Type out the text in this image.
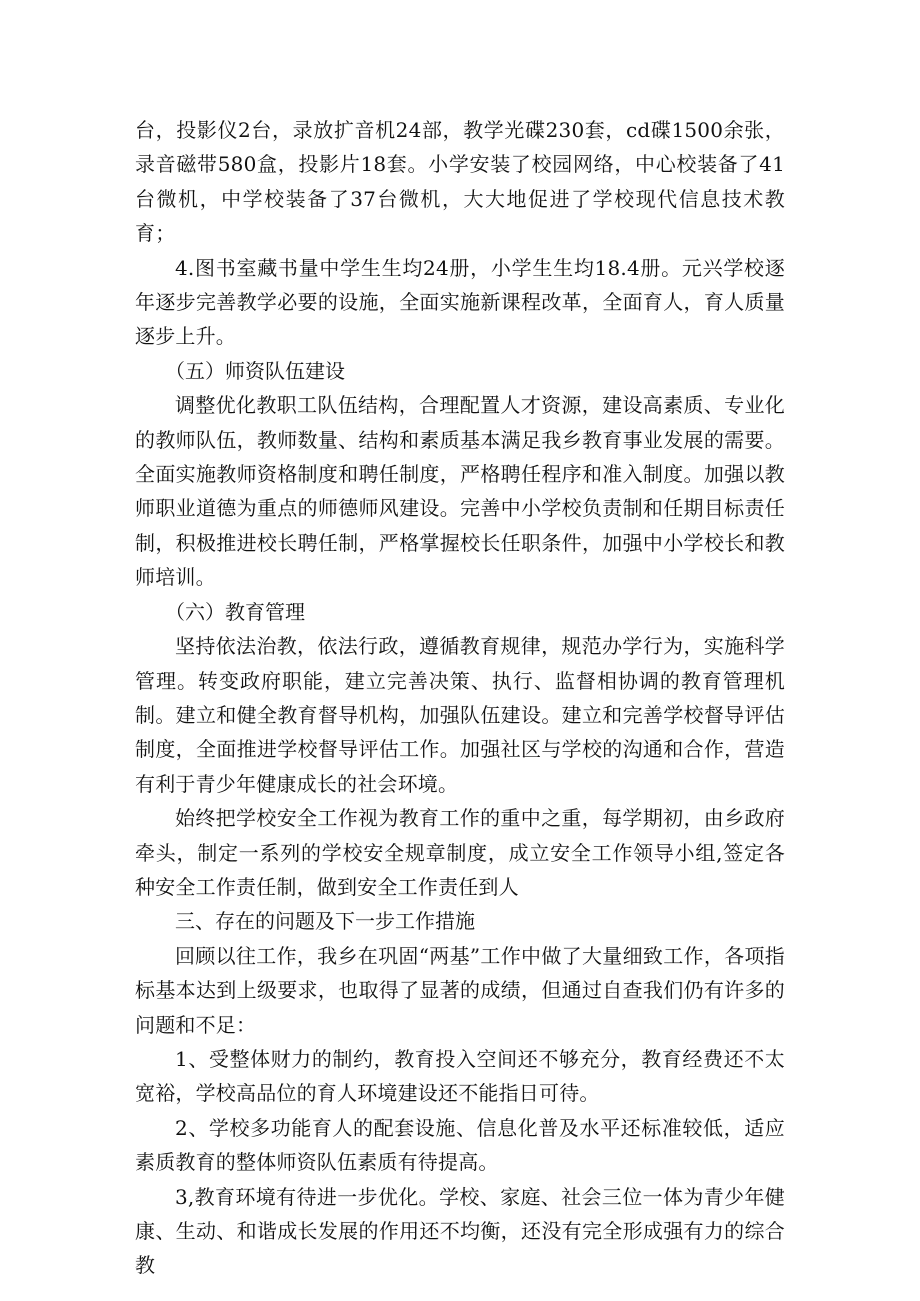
台，投影仪2台，录放扩音机24部，教学光碟230套，cd碟1500余张，录音磁带580盒，投影片18套。小学安装了校园网络，中心校装备了41台微机，中学校装备了37台微机，大大地促进了学校现代信息技术教育；

4.图书室藏书量中学生生均24册，小学生生均18.4册。元兴学校逐年逐步完善教学必要的设施，全面实施新课程改革，全面育人，育人质量逐步上升。

（五）师资队伍建设

调整优化教职工队伍结构，合理配置人才资源，建设高素质、专业化的教师队伍，教师数量、结构和素质基本满足我乡教育事业发展的需要。全面实施教师资格制度和聘任制度，严格聘任程序和准入制度。加强以教师职业道德为重点的师德师风建设。完善中小学校负责制和任期目标责任制，积极推进校长聘任制，严格掌握校长任职条件，加强中小学校长和教师培训。

（六）教育管理

坚持依法治教，依法行政，遵循教育规律，规范办学行为，实施科学管理。转变政府职能，建立完善决策、执行、监督相协调的教育管理机制。建立和健全教育督导机构，加强队伍建设。建立和完善学校督导评估制度，全面推进学校督导评估工作。加强社区与学校的沟通和合作，营造有利于青少年健康成长的社会环境。

始终把学校安全工作视为教育工作的重中之重，每学期初，由乡政府牵头，制定一系列的学校安全规章制度，成立安全工作领导小组,签定各种安全工作责任制，做到安全工作责任到人

三、存在的问题及下一步工作措施

回顾以往工作，我乡在巩固“两基”工作中做了大量细致工作，各项指标基本达到上级要求，也取得了显著的成绩，但通过自查我们仍有许多的问题和不足：

1、受整体财力的制约，教育投入空间还不够充分，教育经费还不太宽裕，学校高品位的育人环境建设还不能指日可待。

2、学校多功能育人的配套设施、信息化普及水平还标准较低，适应素质教育的整体师资队伍素质有待提高。

3,教育环境有待进一步优化。学校、家庭、社会三位一体为青少年健康、生动、和谐成长发展的作用还不均衡，还没有完全形成强有力的综合教
